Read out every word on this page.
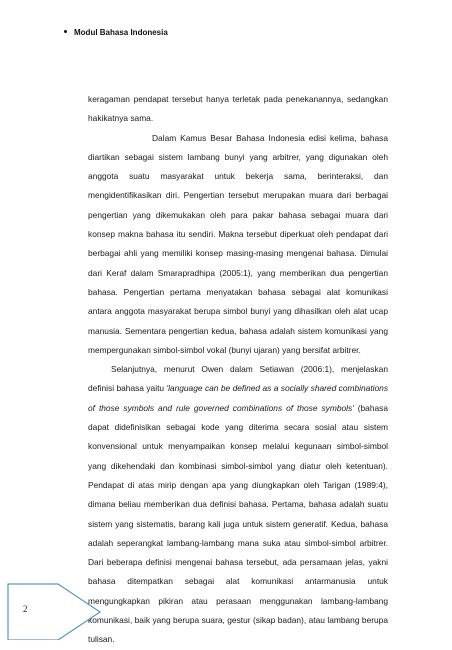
Modul Bahasa Indonesia

keragaman pendapat tersebut hanya terletak pada penekanannya, sedangkan hakikatnya sama.

Dalam Kamus Besar Bahasa Indonesia edisi kelima, bahasa diartikan sebagai sistem lambang bunyi yang arbitrer, yang digunakan oleh anggota suatu masyarakat untuk bekerja sama, berinteraksi, dan mengidentifikasikan diri. Pengertian tersebut merupakan muara dari berbagai pengertian yang dikemukakan oleh para pakar bahasa sebagai muara dari konsep makna bahasa itu sendiri. Makna tersebut diperkuat oleh pendapat dari berbagai ahli yang memiliki konsep masing-masing mengenai bahasa. Dimulai dari Keraf dalam Smarapradhipa (2005:1), yang memberikan dua pengertian bahasa. Pengertian pertama menyatakan bahasa sebagai alat komunikasi antara anggota masyarakat berupa simbol bunyi yang dihasilkan oleh alat ucap manusia. Sementara pengertian kedua, bahasa adalah sistem komunikasi yang mempergunakan simbol-simbol vokal (bunyi ujaran) yang bersifat arbitrer.

Selanjutnya, menurut Owen dalam Setiawan (2006:1), menjelaskan definisi bahasa yaitu 'language can be defined as a socially shared combinations of those symbols and rule governed combinations of those symbols' (bahasa dapat didefinisikan sebagai kode yang diterima secara sosial atau sistem konvensional untuk menyampaikan konsep melalui kegunaan simbol-simbol yang dikehendaki dan kombinasi simbol-simbol yang diatur oleh ketentuan). Pendapat di atas mirip dengan apa yang diungkapkan oleh Tarigan (1989:4), dimana beliau memberikan dua definisi bahasa. Pertama, bahasa adalah suatu sistem yang sistematis, barang kali juga untuk sistem generatif. Kedua, bahasa adalah seperangkat lambang-lambang mana suka atau simbol-simbol arbitrer. Dari beberapa definisi mengenai bahasa tersebut, ada persamaan jelas, yakni bahasa ditempatkan sebagai alat komunikasi antarmanusia untuk mengungkapkan pikiran atau perasaan menggunakan lambang-lambang komunikasi, baik yang berupa suara, gestur (sikap badan), atau lambang berupa tulisan.

2
